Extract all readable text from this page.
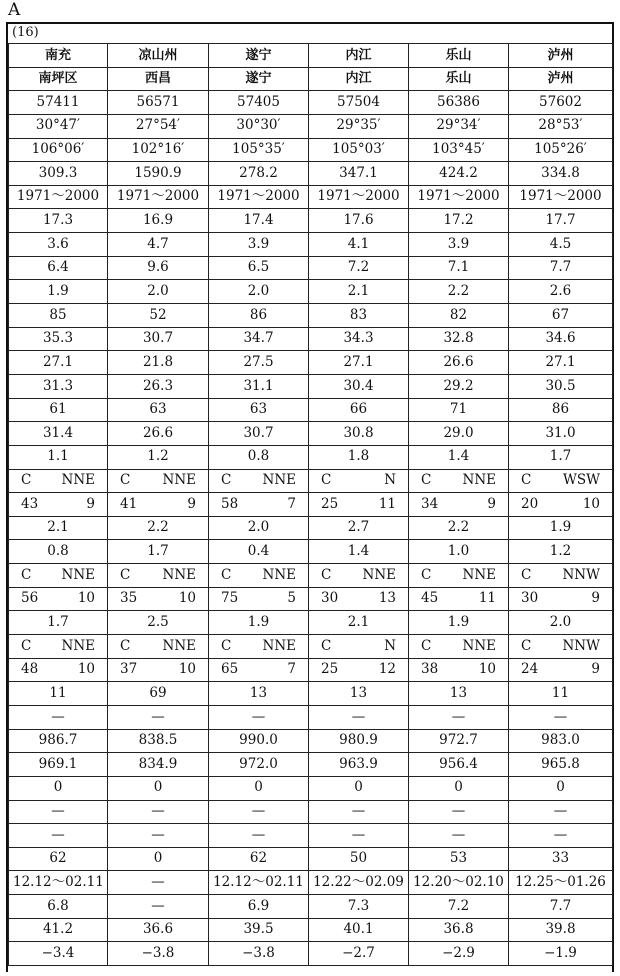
A
(16)
南充	凉山州	遂宁	内江	乐山	泸州
南坪区	西昌	遂宁	内江	乐山	泸州
57411	56571	57405	57504	56386	57602
30°47′	27°54′	30°30′	29°35′	29°34′	28°53′
106°06′	102°16′	105°35′	105°03′	103°45′	105°26′
309.3	1590.9	278.2	347.1	424.2	334.8
1971～2000	1971～2000	1971～2000	1971～2000	1971～2000	1971～2000
17.3	16.9	17.4	17.6	17.2	17.7
3.6	4.7	3.9	4.1	3.9	4.5
6.4	9.6	6.5	7.2	7.1	7.7
1.9	2.0	2.0	2.1	2.2	2.6
85	52	86	83	82	67
35.3	30.7	34.7	34.3	32.8	34.6
27.1	21.8	27.5	27.1	26.6	27.1
31.3	26.3	31.1	30.4	29.2	30.5
61	63	63	66	71	86
31.4	26.6	30.7	30.8	29.0	31.0
1.1	1.2	0.8	1.8	1.4	1.7

C NNE	C NNE	C NNE	C N	C NNE	C WSW

43 9	41 9	58 7	25 11	34 9	20 10

2.1	2.2	2.0	2.7	2.2	1.9
0.8	1.7	0.4	1.4	1.0	1.2

C NNE	C NNE	C NNE	C NNE	C NNE	C NNW

56 10	35 10	75 5	30 13	45 11	30 9

1.7	2.5	1.9	2.1	1.9	2.0

C NNE	C NNE	C NNE	C N	C NNE	C NNW

48 10	37 10	65 7	25 12	38 10	24 9

11	69	13	13	13	11
—	—	—	—	—	—
986.7	838.5	990.0	980.9	972.7	983.0
969.1	834.9	972.0	963.9	956.4	965.8
0	0	0	0	0	0
—	—	—	—	—	—
—	—	—	—	—	—
62	0	62	50	53	33
12.12～02.11	—	12.12～02.11	12.22～02.09	12.20～02.10	12.25～01.26
6.8	—	6.9	7.3	7.2	7.7
41.2	36.6	39.5	40.1	36.8	39.8
−3.4	−3.8	−3.8	−2.7	−2.9	−1.9
